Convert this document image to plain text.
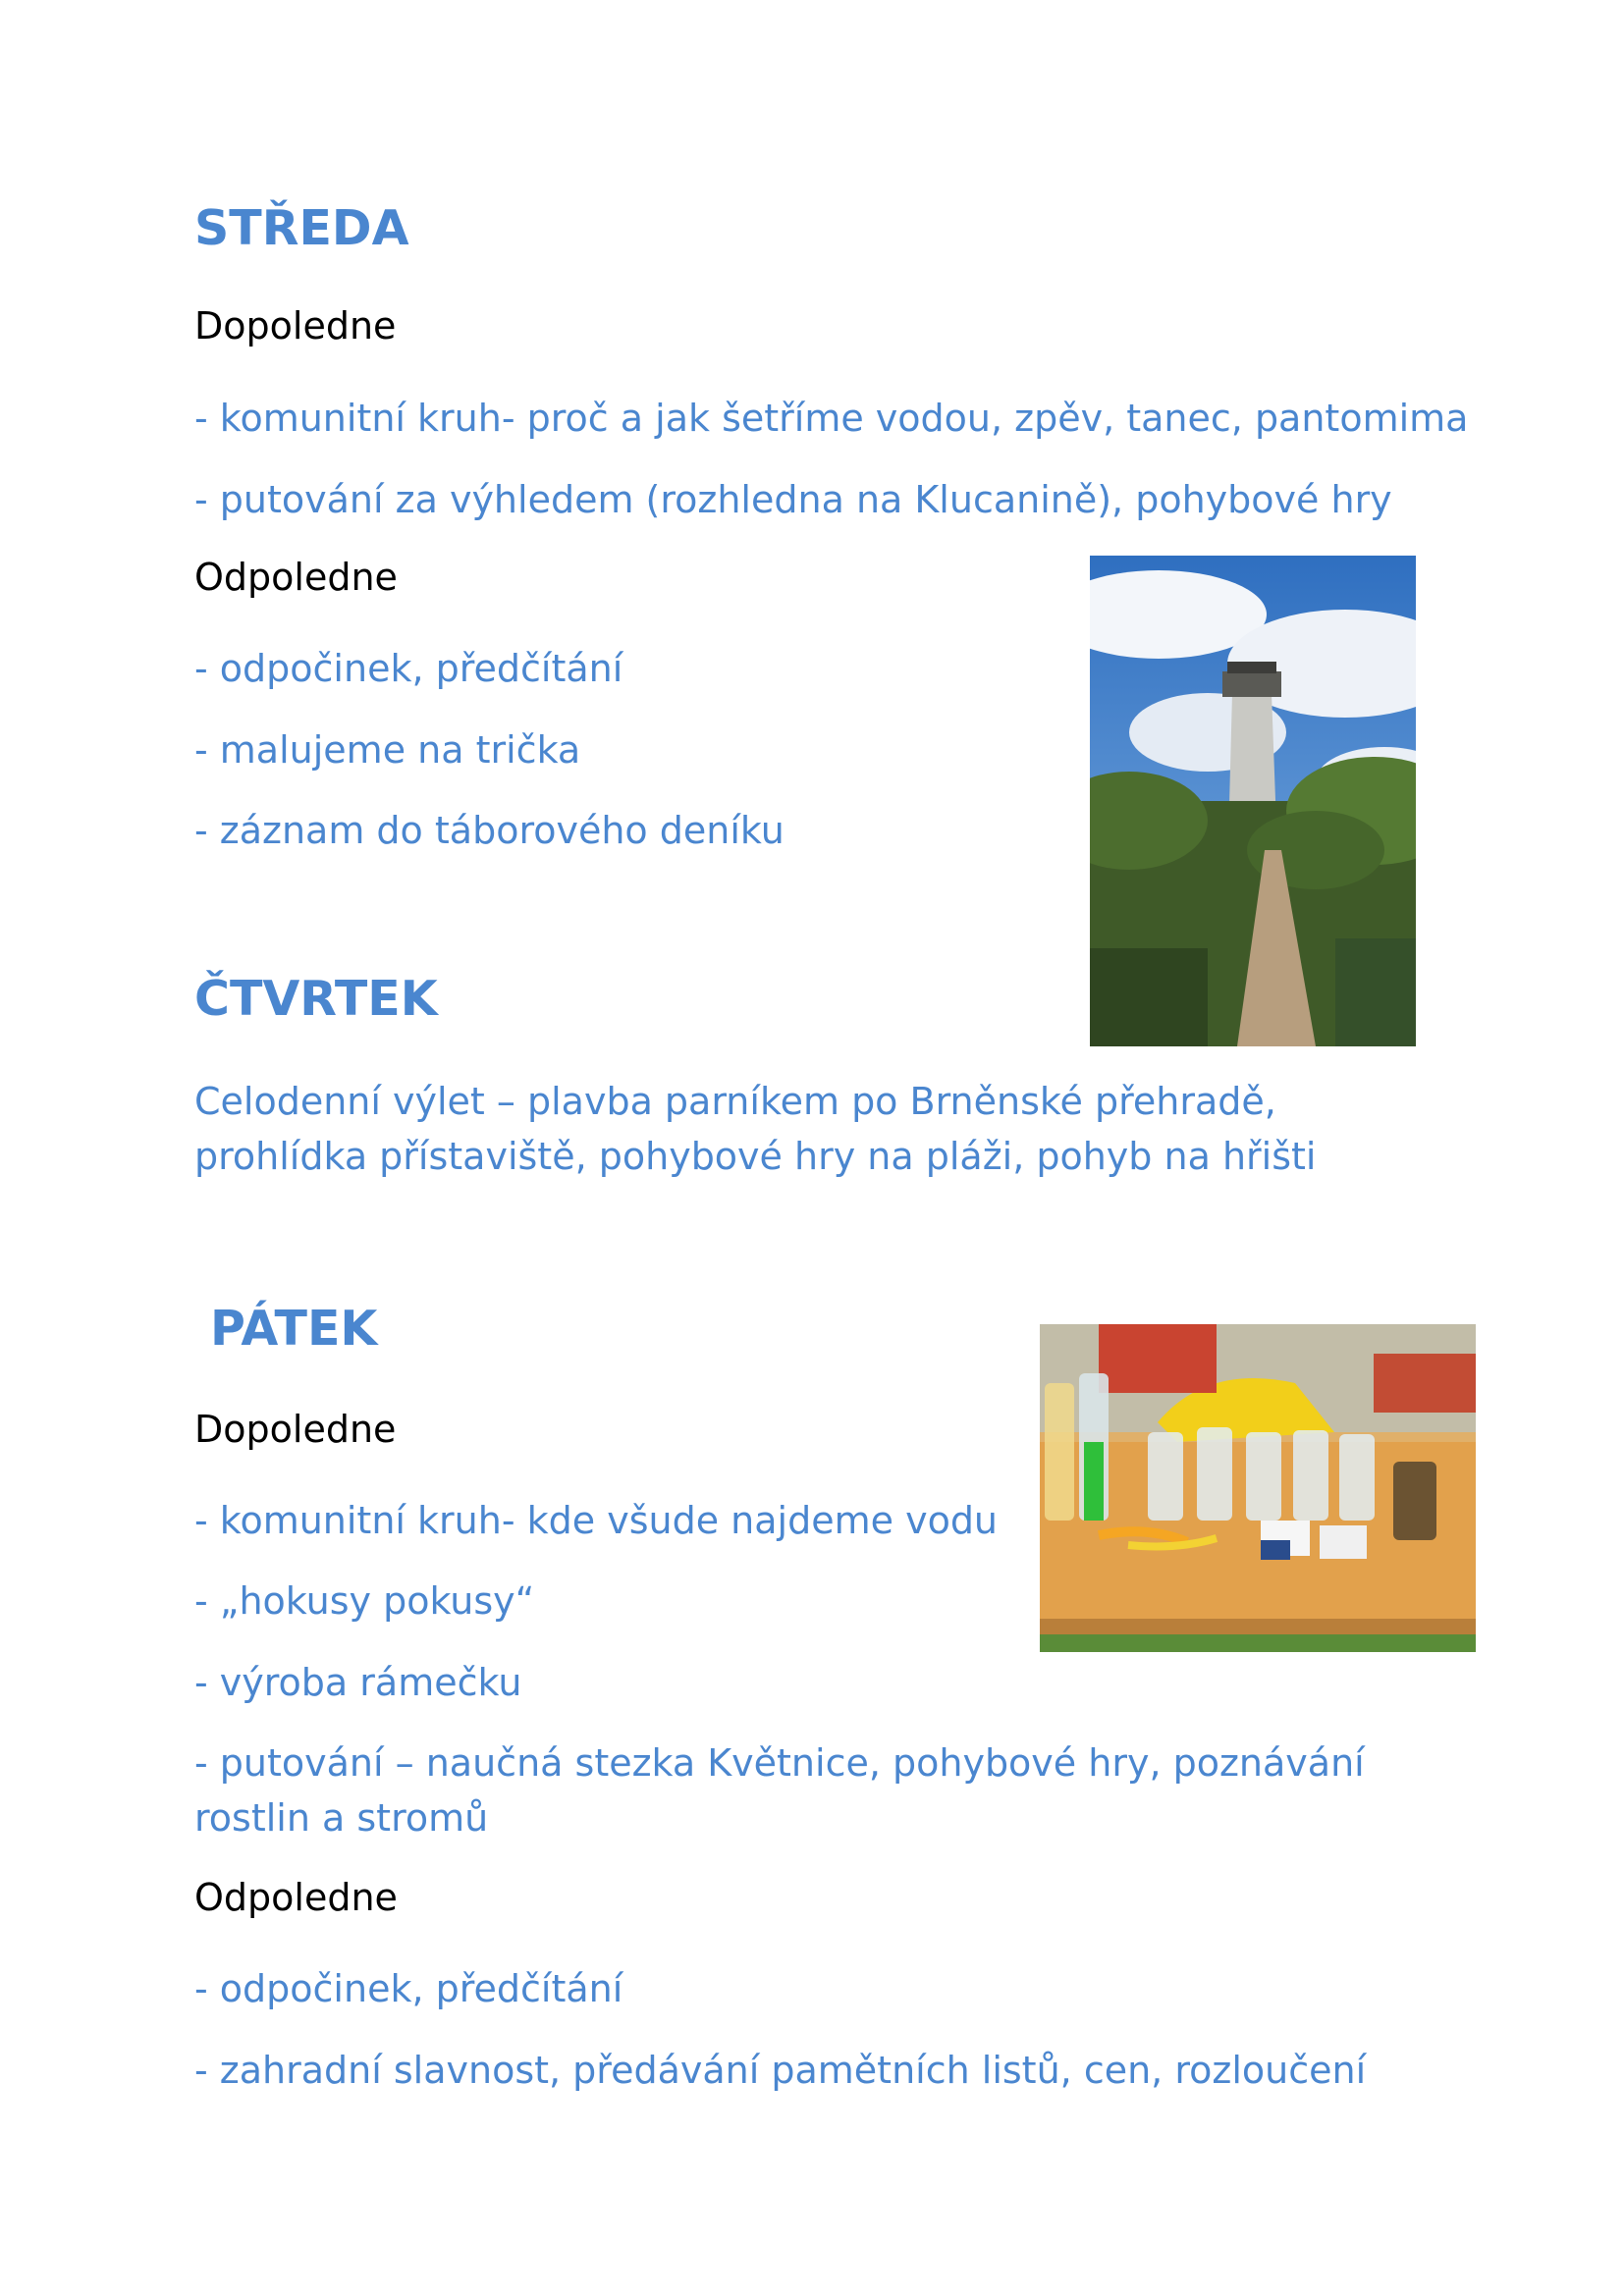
STŘEDA

Dopoledne

- komunitní kruh- proč a jak šetříme vodou, zpěv, tanec, pantomima

- putování za výhledem (rozhledna na Klucanině), pohybové hry

Odpoledne

- odpočinek, předčítání

- malujeme na trička

- záznam do táborového deníku

ČTVRTEK

Celodenní výlet – plavba parníkem po Brněnské přehradě, prohlídka přístaviště, pohybové hry na pláži, pohyb na hřišti

PÁTEK

Dopoledne

- komunitní kruh- kde všude najdeme vodu

- „hokusy pokusy“

- výroba rámečku

- putování – naučná stezka Květnice, pohybové hry, poznávání rostlin a stromů

Odpoledne

- odpočinek, předčítání

- zahradní slavnost, předávání pamětních listů, cen, rozloučení
